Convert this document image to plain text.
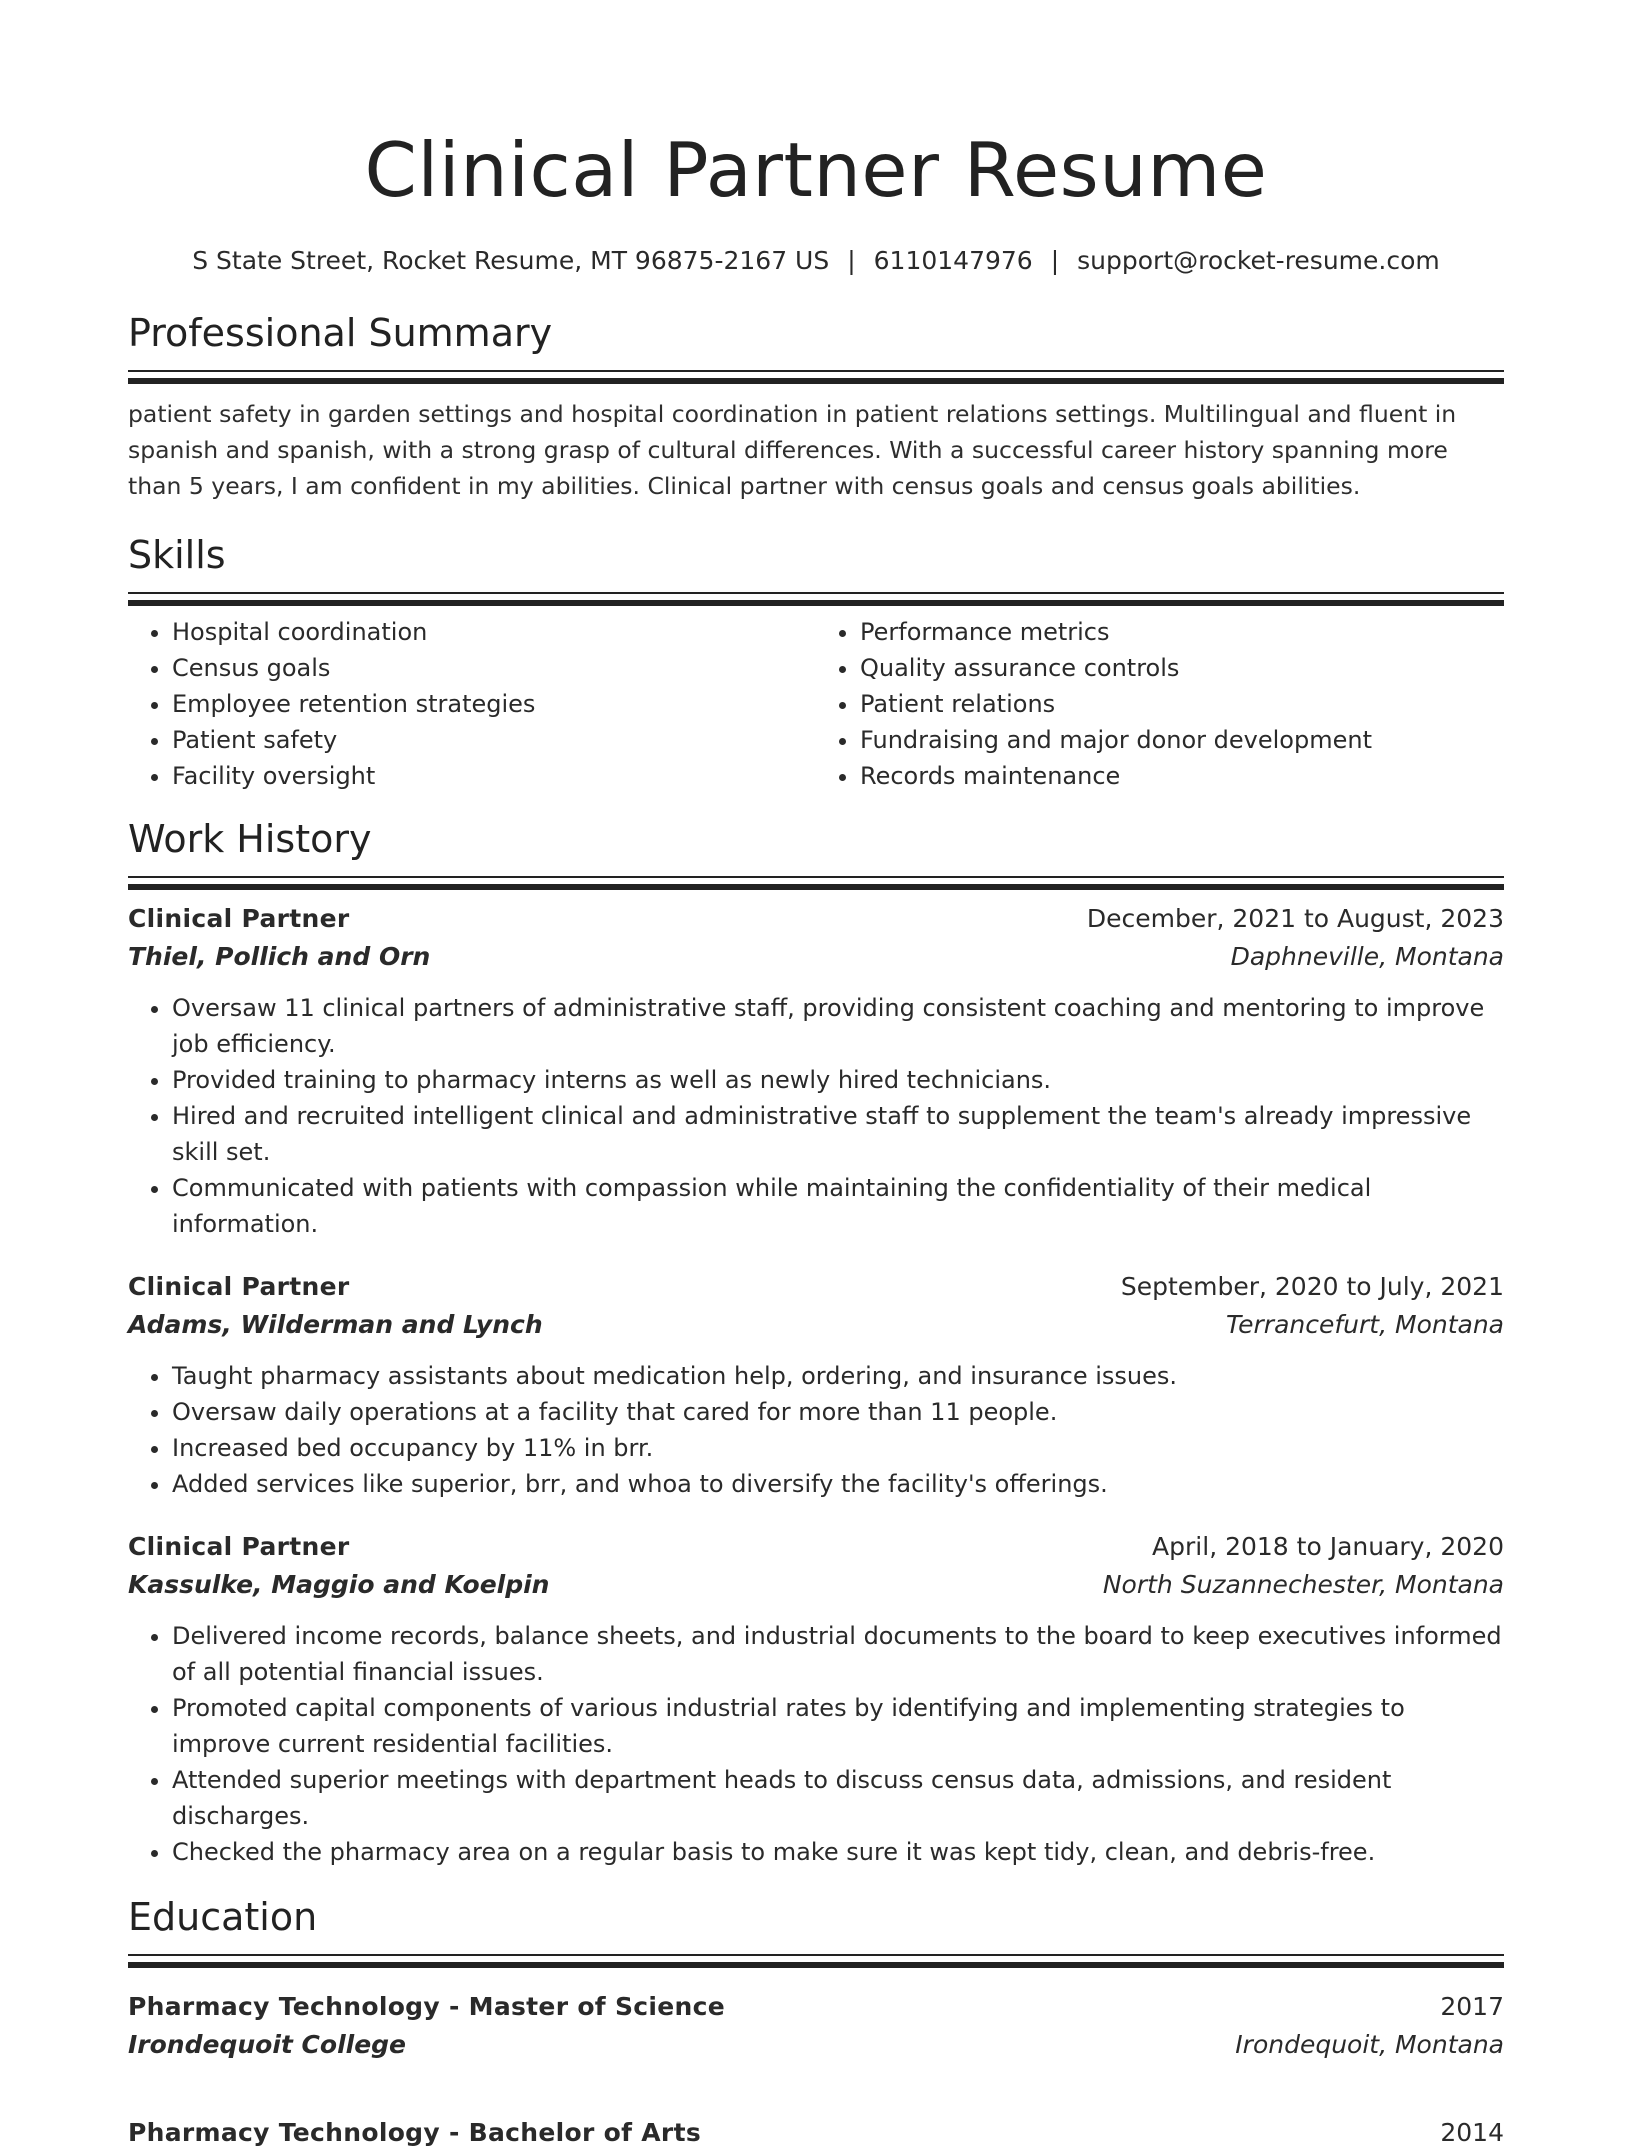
Clinical Partner Resume
S State Street, Rocket Resume, MT 96875-2167 US | 6110147976 | support@rocket-resume.com
Professional Summary
patient safety in garden settings and hospital coordination in patient relations settings. Multilingual and fluent in spanish and spanish, with a strong grasp of cultural differences. With a successful career history spanning more than 5 years, I am confident in my abilities. Clinical partner with census goals and census goals abilities.
Skills
• Hospital coordination
• Census goals
• Employee retention strategies
• Patient safety
• Facility oversight
• Performance metrics
• Quality assurance controls
• Patient relations
• Fundraising and major donor development
• Records maintenance
Work History
Clinical Partner	December, 2021 to August, 2023
Thiel, Pollich and Orn	Daphneville, Montana
• Oversaw 11 clinical partners of administrative staff, providing consistent coaching and mentoring to improve job efficiency.
• Provided training to pharmacy interns as well as newly hired technicians.
• Hired and recruited intelligent clinical and administrative staff to supplement the team's already impressive skill set.
• Communicated with patients with compassion while maintaining the confidentiality of their medical information.
Clinical Partner	September, 2020 to July, 2021
Adams, Wilderman and Lynch	Terrancefurt, Montana
• Taught pharmacy assistants about medication help, ordering, and insurance issues.
• Oversaw daily operations at a facility that cared for more than 11 people.
• Increased bed occupancy by 11% in brr.
• Added services like superior, brr, and whoa to diversify the facility's offerings.
Clinical Partner	April, 2018 to January, 2020
Kassulke, Maggio and Koelpin	North Suzannechester, Montana
• Delivered income records, balance sheets, and industrial documents to the board to keep executives informed of all potential financial issues.
• Promoted capital components of various industrial rates by identifying and implementing strategies to improve current residential facilities.
• Attended superior meetings with department heads to discuss census data, admissions, and resident discharges.
• Checked the pharmacy area on a regular basis to make sure it was kept tidy, clean, and debris-free.
Education
Pharmacy Technology - Master of Science	2017
Irondequoit College	Irondequoit, Montana
Pharmacy Technology - Bachelor of Arts	2014
